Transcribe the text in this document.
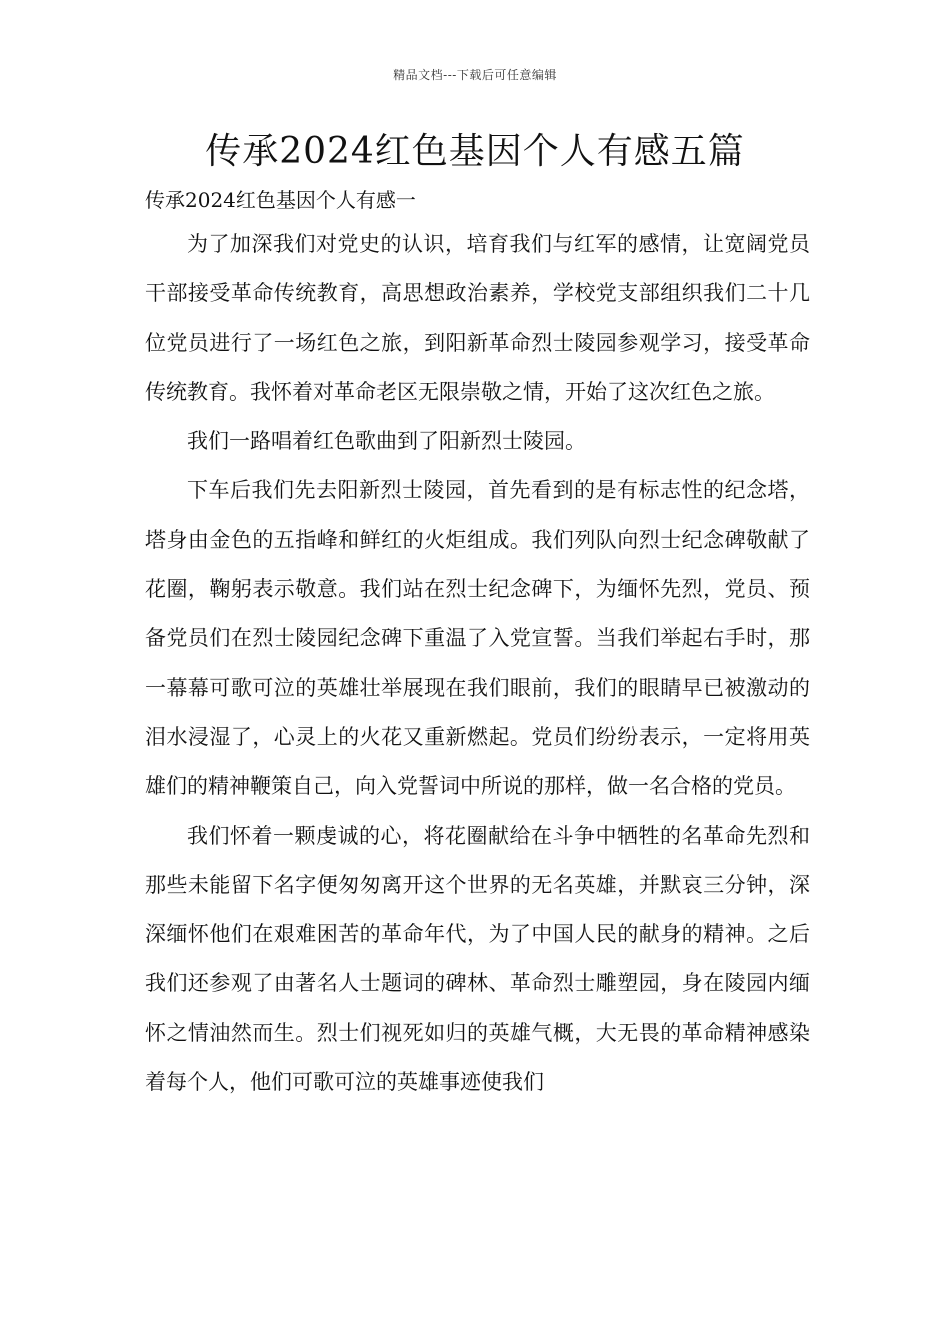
精品文档---下载后可任意编辑
传承2024红色基因个人有感五篇

传承2024红色基因个人有感一

为了加深我们对党史的认识，培育我们与红军的感情，让宽阔党员干部接受革命传统教育，高思想政治素养，学校党支部组织我们二十几位党员进行了一场红色之旅，到阳新革命烈士陵园参观学习，接受革命传统教育。我怀着对革命老区无限崇敬之情，开始了这次红色之旅。

我们一路唱着红色歌曲到了阳新烈士陵园。

下车后我们先去阳新烈士陵园，首先看到的是有标志性的纪念塔，塔身由金色的五指峰和鲜红的火炬组成。我们列队向烈士纪念碑敬献了花圈，鞠躬表示敬意。我们站在烈士纪念碑下，为缅怀先烈，党员、预备党员们在烈士陵园纪念碑下重温了入党宣誓。当我们举起右手时，那一幕幕可歌可泣的英雄壮举展现在我们眼前，我们的眼睛早已被激动的泪水浸湿了，心灵上的火花又重新燃起。党员们纷纷表示，一定将用英雄们的精神鞭策自己，向入党誓词中所说的那样，做一名合格的党员。

我们怀着一颗虔诚的心，将花圈献给在斗争中牺牲的名革命先烈和那些未能留下名字便匆匆离开这个世界的无名英雄，并默哀三分钟，深深缅怀他们在艰难困苦的革命年代，为了中国人民的献身的精神。之后我们还参观了由著名人士题词的碑林、革命烈士雕塑园，身在陵园内缅怀之情油然而生。烈士们视死如归的英雄气概，大无畏的革命精神感染着每个人，他们可歌可泣的英雄事迹使我们
